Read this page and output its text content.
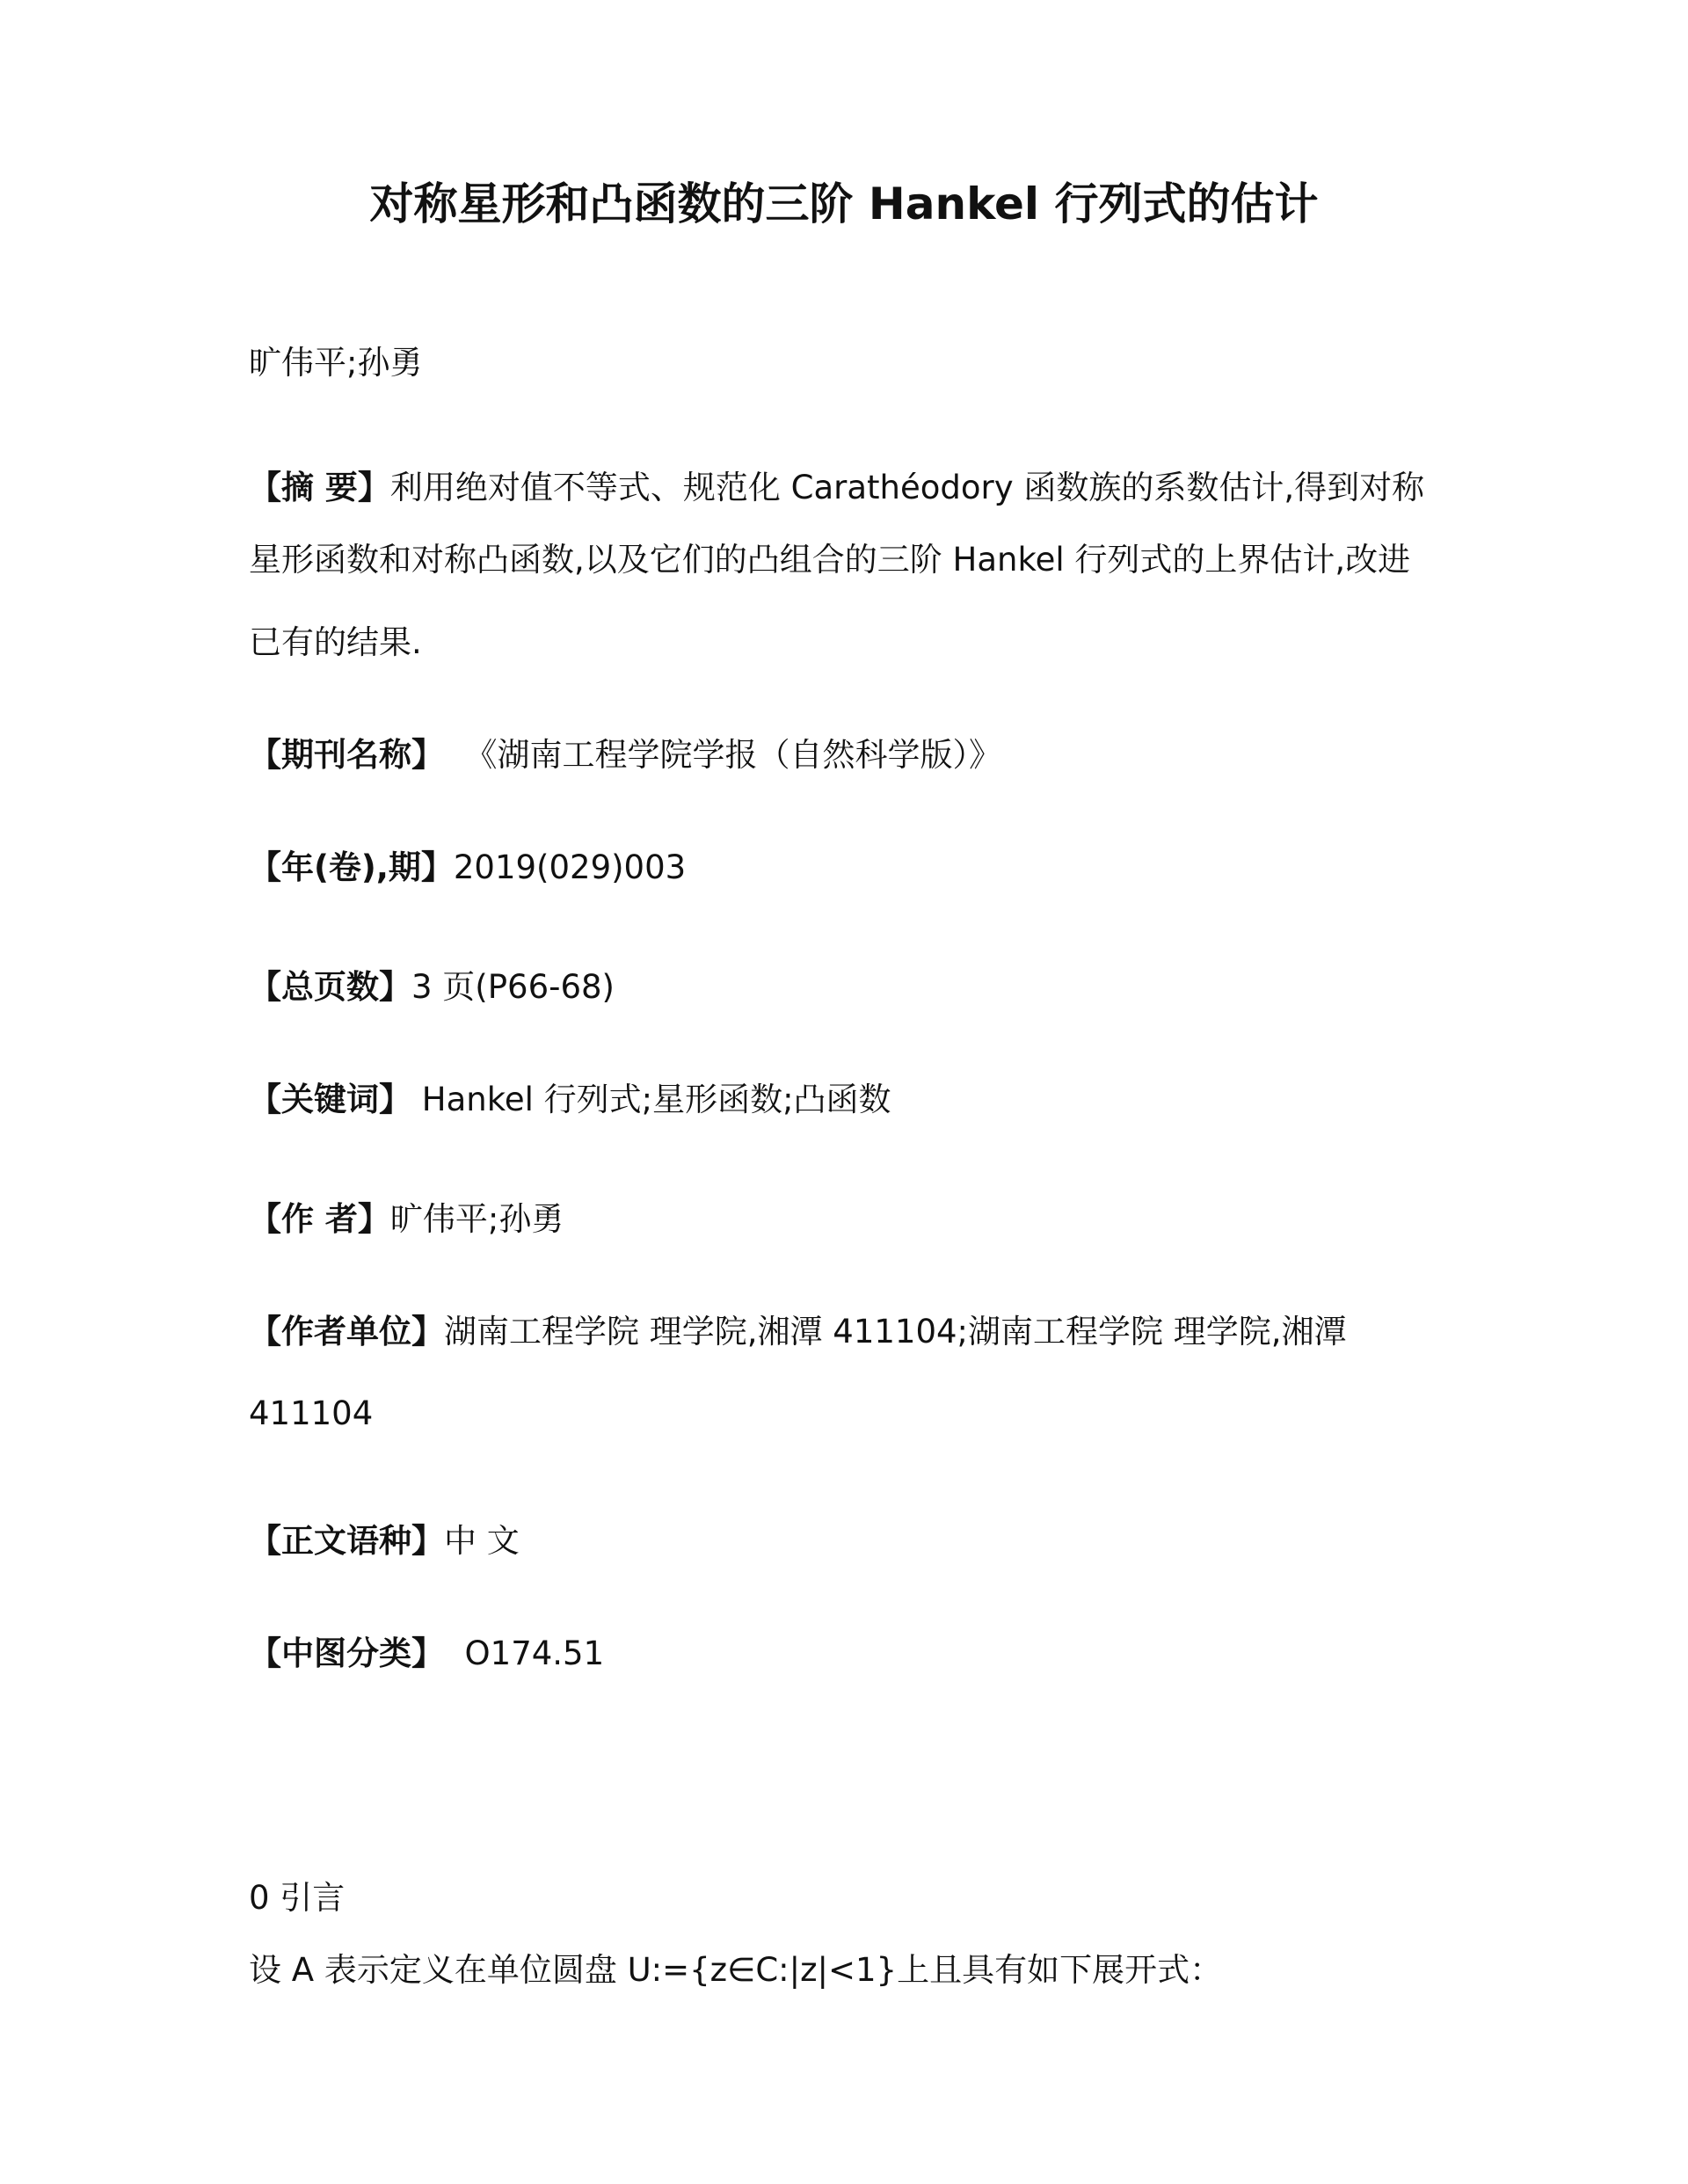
对称星形和凸函数的三阶 Hankel 行列式的估计
旷伟平;孙勇
【摘 要】利用绝对值不等式、规范化 Carathéodory 函数族的系数估计,得到对称
星形函数和对称凸函数,以及它们的凸组合的三阶 Hankel 行列式的上界估计,改进
已有的结果.
【期刊名称】 《湖南工程学院学报（自然科学版）》
【年(卷),期】2019(029)003
【总页数】3 页(P66-68)
【关键词】 Hankel 行列式;星形函数;凸函数
【作 者】旷伟平;孙勇
【作者单位】湖南工程学院 理学院,湘潭 411104;湖南工程学院 理学院,湘潭
411104
【正文语种】中 文
【中图分类】 O174.51
0 引言
设 A 表示定义在单位圆盘 U:={z∈C:|z|<1}上且具有如下展开式：
